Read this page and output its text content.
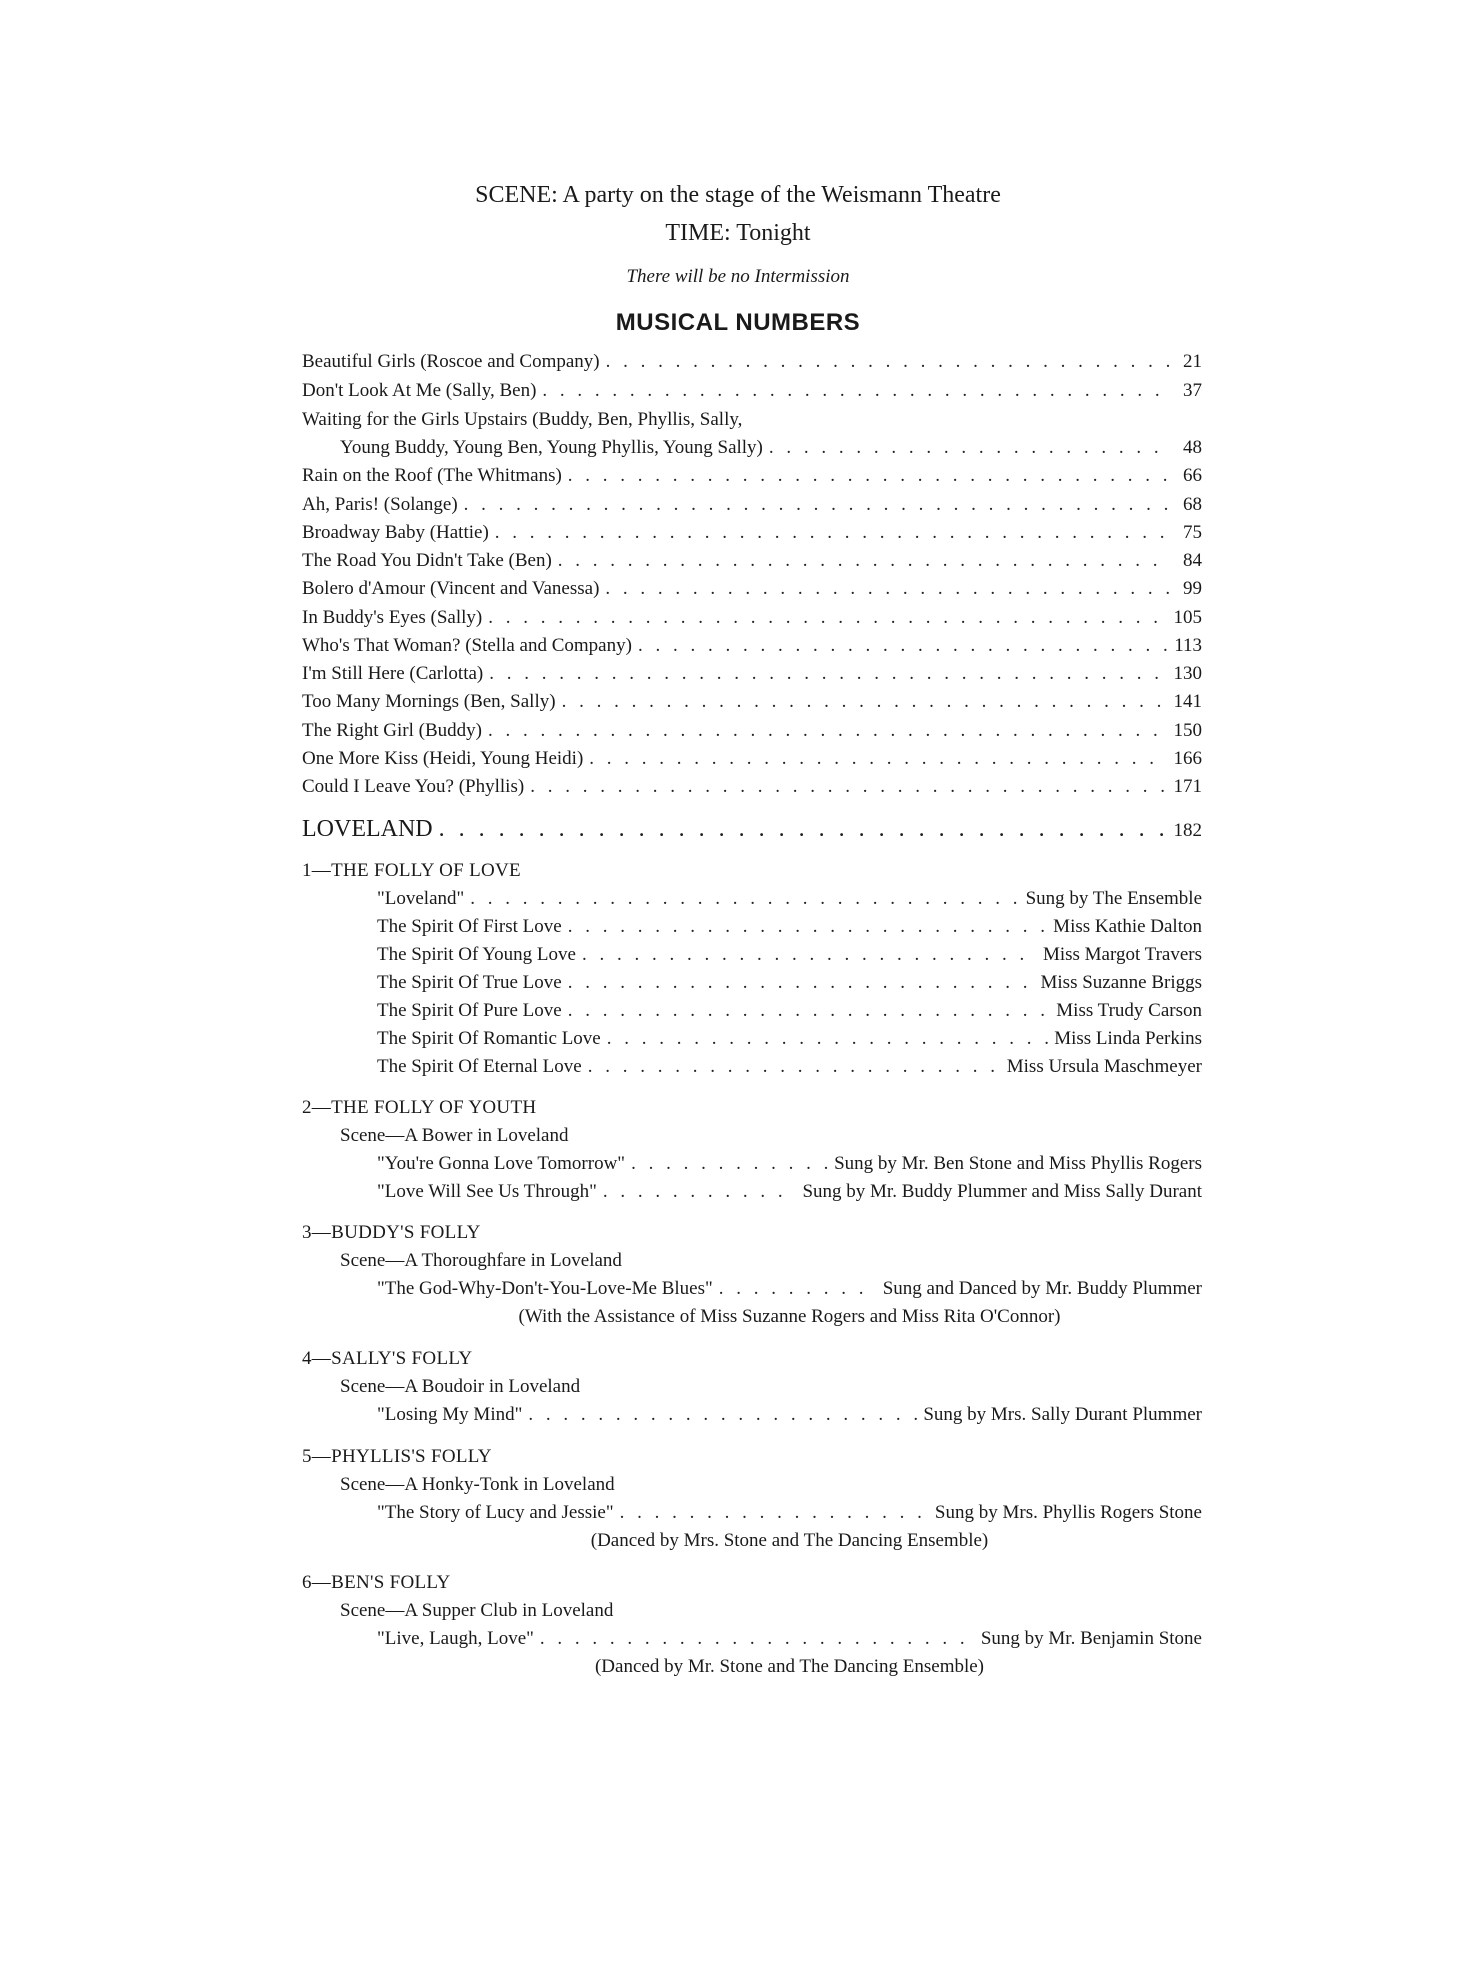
SCENE: A party on the stage of the Weismann Theatre
TIME: Tonight
There will be no Intermission
MUSICAL NUMBERS
Beautiful Girls (Roscoe and Company) . . .	21
Don't Look At Me (Sally, Ben) . . .	37
Waiting for the Girls Upstairs (Buddy, Ben, Phyllis, Sally,
Young Buddy, Young Ben, Young Phyllis, Young Sally) . . .	48
Rain on the Roof (The Whitmans) . . .	66
Ah, Paris! (Solange) . . .	68
Broadway Baby (Hattie) . . .	75
The Road You Didn't Take (Ben) . . .	84
Bolero d'Amour (Vincent and Vanessa) . . .	99
In Buddy's Eyes (Sally) . . .	105
Who's That Woman? (Stella and Company) . . .	113
I'm Still Here (Carlotta) . . .	130
Too Many Mornings (Ben, Sally) . . .	141
The Right Girl (Buddy) . . .	150
One More Kiss (Heidi, Young Heidi) . . .	166
Could I Leave You? (Phyllis) . . .	171
LOVELAND . . .	182
1—THE FOLLY OF LOVE
"Loveland" . . .	Sung by The Ensemble
The Spirit Of First Love . . .	Miss Kathie Dalton
The Spirit Of Young Love . . .	Miss Margot Travers
The Spirit Of True Love . . .	Miss Suzanne Briggs
The Spirit Of Pure Love . . .	Miss Trudy Carson
The Spirit Of Romantic Love . . .	Miss Linda Perkins
The Spirit Of Eternal Love . . .	Miss Ursula Maschmeyer
2—THE FOLLY OF YOUTH
Scene—A Bower in Loveland
"You're Gonna Love Tomorrow" . . .	Sung by Mr. Ben Stone and Miss Phyllis Rogers
"Love Will See Us Through" . . .	Sung by Mr. Buddy Plummer and Miss Sally Durant
3—BUDDY'S FOLLY
Scene—A Thoroughfare in Loveland
"The God-Why-Don't-You-Love-Me Blues" . . .	Sung and Danced by Mr. Buddy Plummer
(With the Assistance of Miss Suzanne Rogers and Miss Rita O'Connor)
4—SALLY'S FOLLY
Scene—A Boudoir in Loveland
"Losing My Mind" . . .	Sung by Mrs. Sally Durant Plummer
5—PHYLLIS'S FOLLY
Scene—A Honky-Tonk in Loveland
"The Story of Lucy and Jessie" . . .	Sung by Mrs. Phyllis Rogers Stone
(Danced by Mrs. Stone and The Dancing Ensemble)
6—BEN'S FOLLY
Scene—A Supper Club in Loveland
"Live, Laugh, Love" . . .	Sung by Mr. Benjamin Stone
(Danced by Mr. Stone and The Dancing Ensemble)
